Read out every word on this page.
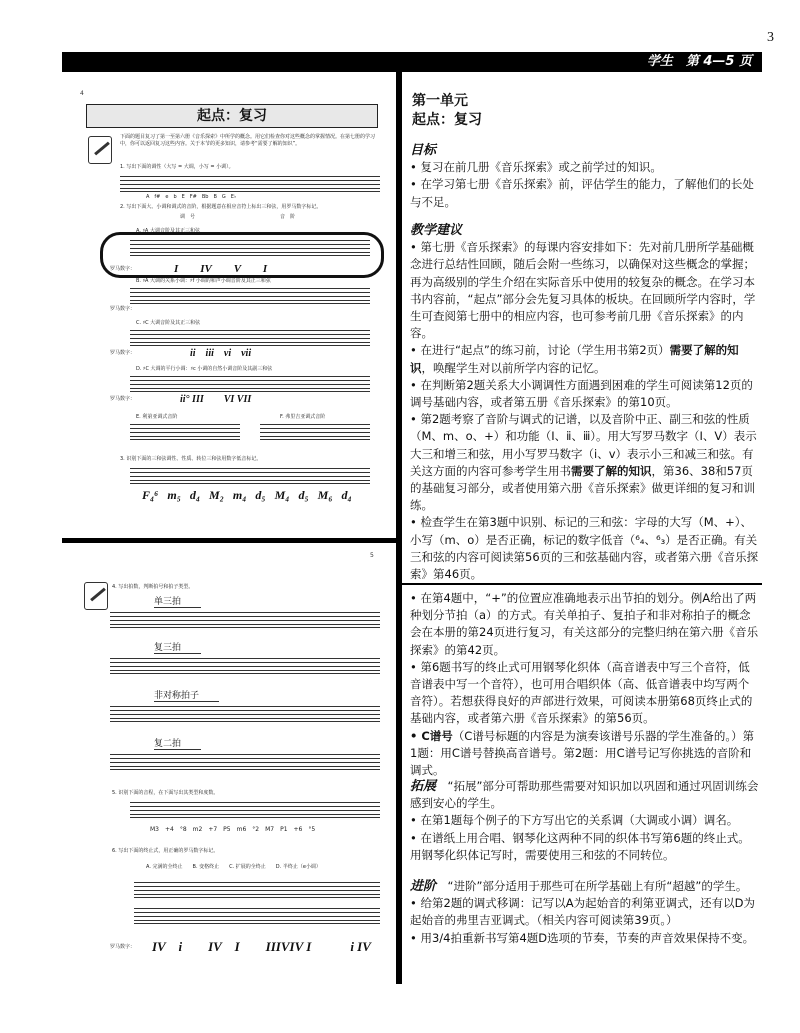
3
学生　第 4—5 页
4
起点：复习
下面的题目复习了第一至第六册《音乐探索》中所学的概念。用它们检查你对这些概念的掌握情况。在第七册的学习中，你可以返回复习这些内容。关于本节的更多知识，请参考“需要了解的知识”。
1. 写出下面的调性（大写 = 大调，小写 = 小调）。
A　f#　e　b　E　F#　Bb　B　G　E♭
2. 写出下面大、小调和调式的音阶，根据题意在相应音符上标出三和弦，用罗马数字标记。
调　号	音　阶
A. ♯A 大调音阶及其正三和弦
罗马数字：	I　　IV　　V　　I
B. ♯A 大调的关系小调：♯f 小调的和声小调音阶及其正三和弦
罗马数字：
C. ♯C 大调音阶及其正三和弦
罗马数字：	ii　iii　vi　vii
D. ♯C 大调的平行小调：♯c 小调的自然小调音阶及其副三和弦
罗马数字：	ii° III　　VI VII
E. 利第亚调式音阶	F. 弗里吉亚调式音阶
3. 识别下面的三和弦调性、性质、转位三和弦用数字低音标记。
F₄⁶ m₅ d₄ M₂ m₄ d₅ M₄ d₅ M₆ d₄
5
4. 写出拍数，判断拍号和拍子类型。
单三拍
复三拍
非对称拍子
复二拍
5. 识别下面的音程，在下面写出其类型和度数。
M3　+4　°8　m2　+7　P5　m6　°2　M7　P1　+6　°5
6. 写出下面的终止式，用正确的罗马数字标记。
A. 完满的全终止　　B. 变格终止　　C. 扩展的全终止　　D. 半终止（e小调）
罗马数字： IV　i　　IV　I　　IIIVIV I　　　i IV
第一单元
起点：复习

目标

• 复习在前几册《音乐探索》或之前学过的知识。

• 在学习第七册《音乐探索》前，评估学生的能力，了解他们的长处与不足。

教学建议

• 第七册《音乐探索》的每课内容安排如下：先对前几册所学基础概念进行总结性回顾，随后会附一些练习，以确保对这些概念的掌握；再为高级别的学生介绍在实际音乐中使用的较复杂的概念。在学习本书内容前，“起点”部分会先复习具体的板块。在回顾所学内容时，学生可查阅第七册中的相应内容，也可参考前几册《音乐探索》的内容。

• 在进行“起点”的练习前，讨论（学生用书第2页）需要了解的知识，唤醒学生对以前所学内容的记忆。

• 在判断第2题关系大小调调性方面遇到困难的学生可阅读第12页的调号基础内容，或者第五册《音乐探索》的第10页。

• 第2题考察了音阶与调式的记谱，以及音阶中正、副三和弦的性质（M、m、o、+）和功能（Ⅰ、ⅱ、ⅲ）。用大写罗马数字（Ⅰ、Ⅴ）表示大三和增三和弦，用小写罗马数字（ⅰ、ⅴ）表示小三和减三和弦。有关这方面的内容可参考学生用书需要了解的知识，第36、38和57页的基础复习部分，或者使用第六册《音乐探索》做更详细的复习和训练。

• 检查学生在第3题中识别、标记的三和弦：字母的大写（M、+）、小写（m、o）是否正确，标记的数字低音（⁶₄、⁶₃）是否正确。有关三和弦的内容可阅读第56页的三和弦基础内容，或者第六册《音乐探索》第46页。

• 在第4题中，“+”的位置应准确地表示出节拍的划分。例A给出了两种划分节拍（a）的方式。有关单拍子、复拍子和非对称拍子的概念会在本册的第24页进行复习，有关这部分的完整归纳在第六册《音乐探索》的第42页。

• 第6题书写的终止式可用钢琴化织体（高音谱表中写三个音符，低音谱表中写一个音符），也可用合唱织体（高、低音谱表中均写两个音符）。若想获得良好的声部进行效果，可阅读本册第68页终止式的基础内容，或者第六册《音乐探索》的第56页。

• C谱号（C谱号标题的内容是为演奏该谱号乐器的学生准备的。）第1题：用C谱号替换高音谱号。第2题：用C谱号记写你挑选的音阶和调式。

拓展　“拓展”部分可帮助那些需要对知识加以巩固和通过巩固训练会感到安心的学生。

• 在第1题每个例子的下方写出它的关系调（大调或小调）调名。

• 在谱纸上用合唱、钢琴化这两种不同的织体书写第6题的终止式。用钢琴化织体记写时，需要使用三和弦的不同转位。

进阶　“进阶”部分适用于那些可在所学基础上有所“超越”的学生。

• 给第2题的调式移调：记写以A为起始音的利第亚调式，还有以D为起始音的弗里吉亚调式。（相关内容可阅读第39页。）

• 用3/4拍重新书写第4题D选项的节奏，节奏的声音效果保持不变。
